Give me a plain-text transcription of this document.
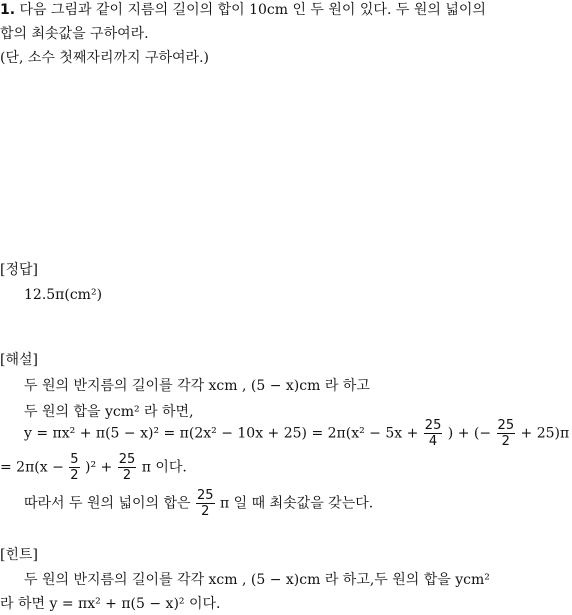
1. 다음 그림과 같이 지름의 길이의 합이 10cm 인 두 원이 있다. 두 원의 넓이의
합의 최솟값을 구하여라.
(단, 소수 첫째자리까지 구하여라.)
[정답]
12.5π(cm²)
[해설]
두 원의 반지름의 길이를 각각 xcm , (5 − x)cm 라 하고
두 원의 합을 ycm² 라 하면,
$y = \pi x^2 + \pi(5 - x)^2 = \pi(2x^2 - 10x + 25) = 2\pi(x^2 - 5x + \frac{25}{4}$ ) + (− $\frac{25}{2} + 25)\pi$
= $2\pi(x - \frac{5}{2} )^2 + \frac{25}{2}$ π 이다.
따라서 두 원의 넓이의 합은 $\frac{25}{2}$ π 일 때 최솟값을 갖는다.
[힌트]
두 원의 반지름의 길이를 각각 xcm , (5 − x)cm 라 하고,두 원의 합을 ycm²
라 하면 y = πx² + π(5 − x)² 이다.
